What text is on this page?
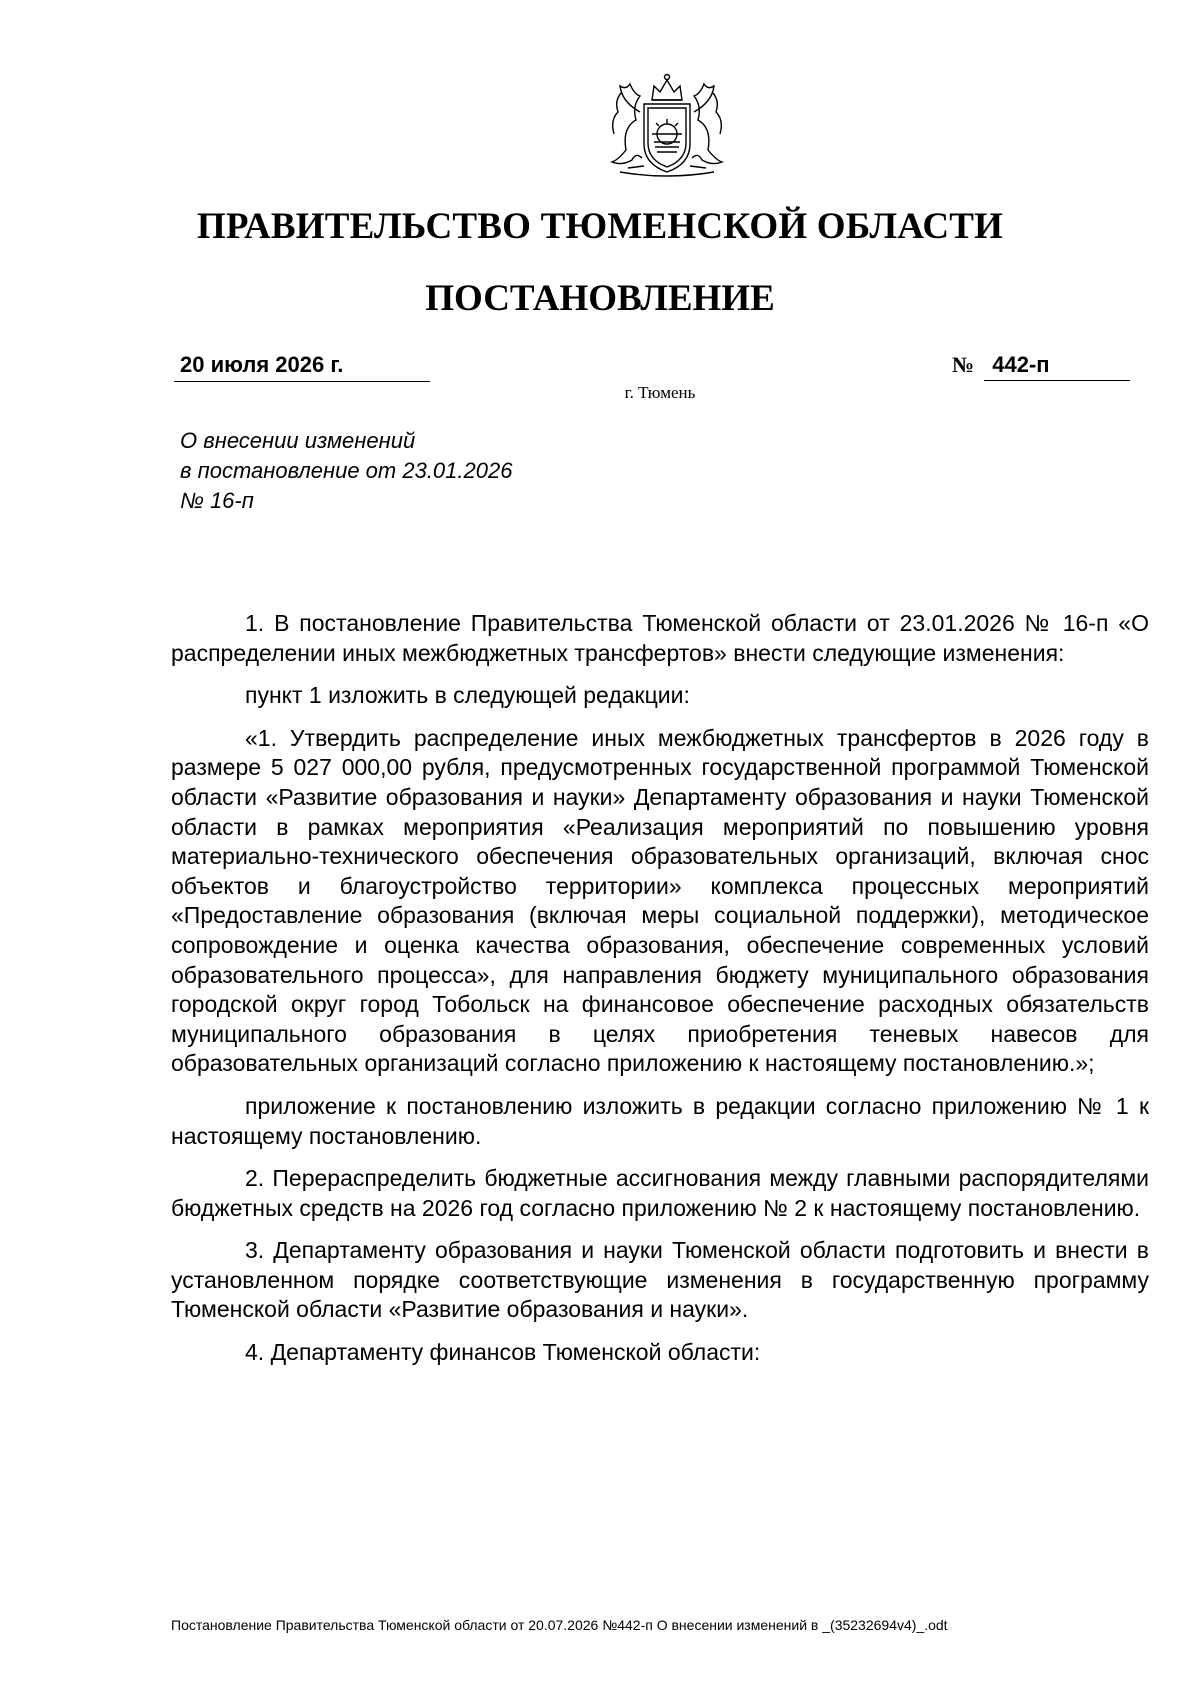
ПРАВИТЕЛЬСТВО ТЮМЕНСКОЙ ОБЛАСТИ
ПОСТАНОВЛЕНИЕ
20 июля 2026 г.	№ 442-п
г. Тюмень
О внесении изменений
в постановление от 23.01.2026
№ 16-п

1. В постановление Правительства Тюменской области от 23.01.2026 № 16-п «О распределении иных межбюджетных трансфертов» внести следующие изменения:

пункт 1 изложить в следующей редакции:

«1. Утвердить распределение иных межбюджетных трансфертов в 2026 году в размере 5 027 000,00 рубля, предусмотренных государственной программой Тюменской области «Развитие образования и науки» Департаменту образования и науки Тюменской области в рамках мероприятия «Реализация мероприятий по повышению уровня материально-технического обеспечения образовательных организаций, включая снос объектов и благоустройство территории» комплекса процессных мероприятий «Предоставление образования (включая меры социальной поддержки), методическое сопровождение и оценка качества образования, обеспечение современных условий образовательного процесса», для направления бюджету муниципального образования городской округ город Тобольск на финансовое обеспечение расходных обязательств муниципального образования в целях приобретения теневых навесов для образовательных организаций согласно приложению к настоящему постановлению.»;

приложение к постановлению изложить в редакции согласно приложению № 1 к настоящему постановлению.

2. Перераспределить бюджетные ассигнования между главными распорядителями бюджетных средств на 2026 год согласно приложению № 2 к настоящему постановлению.

3. Департаменту образования и науки Тюменской области подготовить и внести в установленном порядке соответствующие изменения в государственную программу Тюменской области «Развитие образования и науки».

4. Департаменту финансов Тюменской области:

Постановление Правительства Тюменской области от 20.07.2026 №442-п О внесении изменений в _(35232694v4)_.odt
